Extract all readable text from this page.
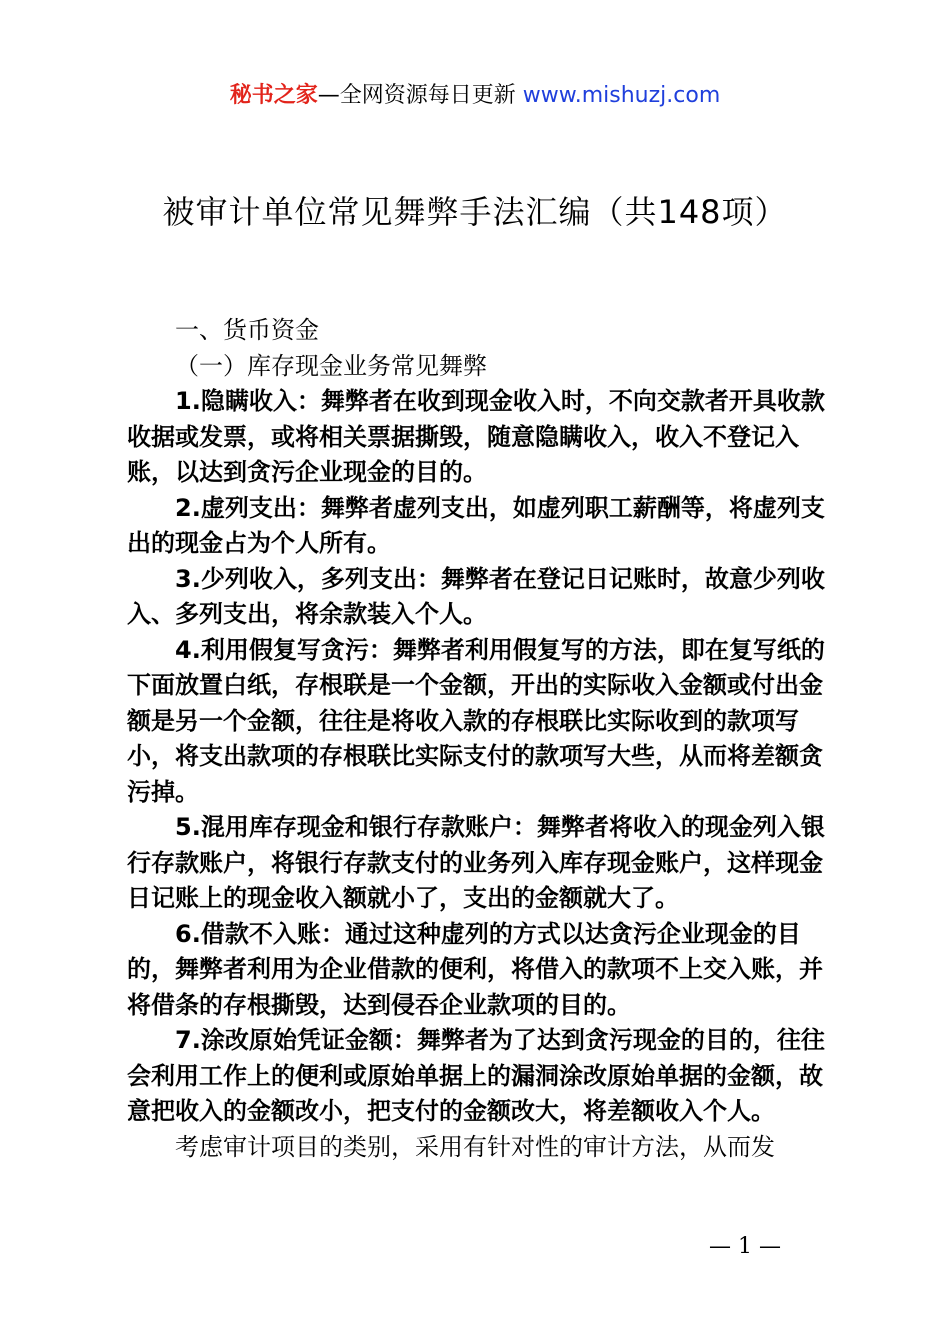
秘书之家—全网资源每日更新 www.mishuzj.com
被审计单位常见舞弊手法汇编（共148项）

一、货币资金

（一）库存现金业务常见舞弊

1.隐瞒收入：舞弊者在收到现金收入时，不向交款者开具收款收据或发票，或将相关票据撕毁，随意隐瞒收入，收入不登记入账，以达到贪污企业现金的目的。

2.虚列支出：舞弊者虚列支出，如虚列职工薪酬等，将虚列支出的现金占为个人所有。

3.少列收入，多列支出：舞弊者在登记日记账时，故意少列收入、多列支出，将余款装入个人。

4.利用假复写贪污：舞弊者利用假复写的方法，即在复写纸的下面放置白纸，存根联是一个金额，开出的实际收入金额或付出金额是另一个金额，往往是将收入款的存根联比实际收到的款项写小，将支出款项的存根联比实际支付的款项写大些，从而将差额贪污掉。

5.混用库存现金和银行存款账户：舞弊者将收入的现金列入银行存款账户，将银行存款支付的业务列入库存现金账户，这样现金日记账上的现金收入额就小了，支出的金额就大了。

6.借款不入账：通过这种虚列的方式以达贪污企业现金的目的，舞弊者利用为企业借款的便利，将借入的款项不上交入账，并将借条的存根撕毁，达到侵吞企业款项的目的。

7.涂改原始凭证金额：舞弊者为了达到贪污现金的目的，往往会利用工作上的便利或原始单据上的漏洞涂改原始单据的金额，故意把收入的金额改小，把支付的金额改大，将差额收入个人。

考虑审计项目的类别，采用有针对性的审计方法，从而发

— 1 —
